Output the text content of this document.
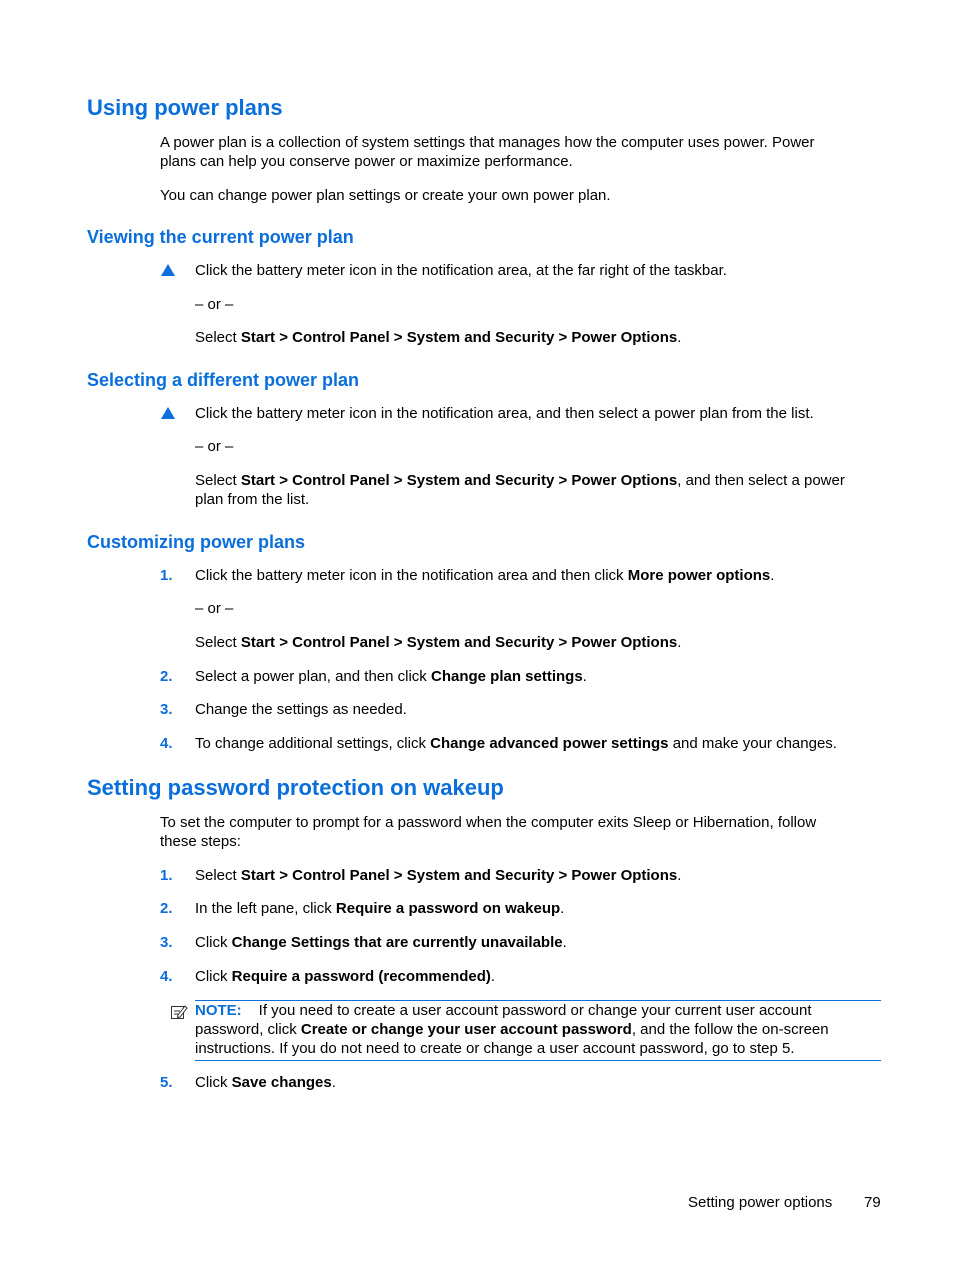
Using power plans
A power plan is a collection of system settings that manages how the computer uses power. Power
plans can help you conserve power or maximize performance.
You can change power plan settings or create your own power plan.
Viewing the current power plan
Click the battery meter icon in the notification area, at the far right of the taskbar.
– or –
Select Start > Control Panel > System and Security > Power Options.
Selecting a different power plan
Click the battery meter icon in the notification area, and then select a power plan from the list.
– or –
Select Start > Control Panel > System and Security > Power Options, and then select a power
plan from the list.
Customizing power plans
1. Click the battery meter icon in the notification area and then click More power options.
– or –
Select Start > Control Panel > System and Security > Power Options.
2. Select a power plan, and then click Change plan settings.
3. Change the settings as needed.
4. To change additional settings, click Change advanced power settings and make your changes.
Setting password protection on wakeup
To set the computer to prompt for a password when the computer exits Sleep or Hibernation, follow
these steps:
1. Select Start > Control Panel > System and Security > Power Options.
2. In the left pane, click Require a password on wakeup.
3. Click Change Settings that are currently unavailable.
4. Click Require a password (recommended).
NOTE: If you need to create a user account password or change your current user account
password, click Create or change your user account password, and the follow the on-screen
instructions. If you do not need to create or change a user account password, go to step 5.
5. Click Save changes.
Setting power options 79
